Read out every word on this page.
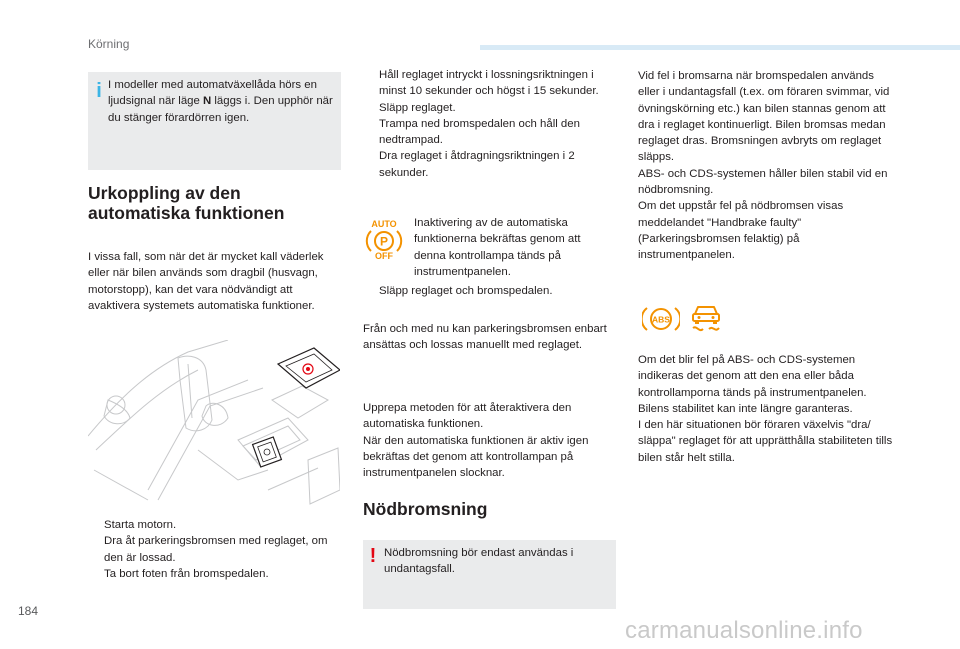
Körning
i I modeller med automatväxellåda hörs en ljudsignal när läge N läggs i. Den upphör när du stänger förardörren igen.
Urkoppling av den
automatiska funktionen
I vissa fall, som när det är mycket kall väderlek eller när bilen används som dragbil (husvagn, motorstopp), kan det vara nödvändigt att avaktivera systemets automatiska funktioner.
Starta motorn.
Dra åt parkeringsbromsen med reglaget, om den är lossad.
Ta bort foten från bromspedalen.
Håll reglaget intryckt i lossningsriktningen i minst 10 sekunder och högst i 15 sekunder.
Släpp reglaget.
Trampa ned bromspedalen och håll den nedtrampad.
Dra reglaget i åtdragningsriktningen i 2 sekunder.
AUTO
P
OFF
Inaktivering av de automatiska funktionerna bekräftas genom att denna kontrollampa tänds på instrumentpanelen.
Släpp reglaget och bromspedalen.
Från och med nu kan parkeringsbromsen enbart ansättas och lossas manuellt med reglaget.
Upprepa metoden för att återaktivera den automatiska funktionen.
När den automatiska funktionen är aktiv igen bekräftas det genom att kontrollampan på instrumentpanelen slocknar.
Nödbromsning
! Nödbromsning bör endast användas i undantagsfall.
Vid fel i bromsarna när bromspedalen används eller i undantagsfall (t.ex. om föraren svimmar, vid övningskörning etc.) kan bilen stannas genom att dra i reglaget kontinuerligt. Bilen bromsas medan reglaget dras. Bromsningen avbryts om reglaget släpps.
ABS- och CDS-systemen håller bilen stabil vid en nödbromsning.
Om det uppstår fel på nödbromsen visas meddelandet "Handbrake faulty" (Parkeringsbromsen felaktig) på instrumentpanelen.
ABS
Om det blir fel på ABS- och CDS-systemen indikeras det genom att den ena eller båda kontrollamporna tänds på instrumentpanelen. Bilens stabilitet kan inte längre garanteras.
I den här situationen bör föraren växelvis "dra/ släppa" reglaget för att upprätthålla stabiliteten tills bilen står helt stilla.
184
carmanualsonline.info
